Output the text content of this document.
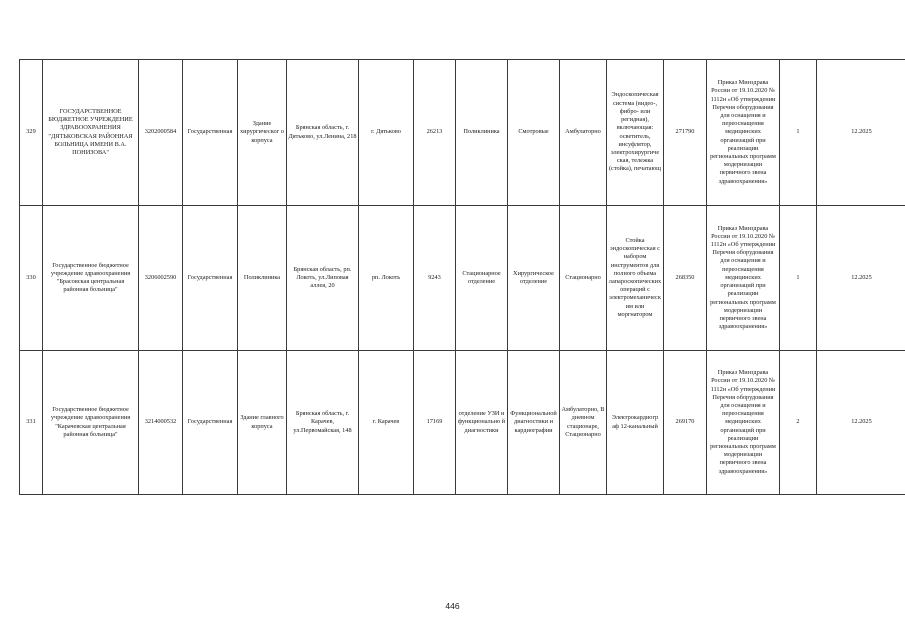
329	ГОСУДАРСТВЕННОЕ БЮДЖЕТНОЕ УЧРЕЖДЕНИЕ ЗДРАВООХРАНЕНИЯ "ДЯТЬКОВСКАЯ РАЙОННАЯ БОЛЬНИЦА ИМЕНИ В.А. ПОНИЗОВА"	3202000584	Государственная	Здание хирургическог о корпуса	Брянская область, г. Дятьково, ул.Ленина, 218	г. Дятьково	26213	Поликлиника	Смотровые	Амбулаторно	Эндоскопическая система (видео-, фибро- или регидная), включающая: осветитель, инсуфлятор, электрохирургиче ская, тележка (стойка), печатающ	271790	Приказ Минздрава России от 19.10.2020 № 1112н «Об утверждении Перечня оборудования для оснащения и переоснащения медицинских организаций при реализации региональных программ модернизации первичного звена здравоохранения»	1	12.2025
330	Государственное бюджетное учреждение здравоохранения "Брасовская центральная районная больница"	3206002590	Государственная	Поликлиника	Брянская область, рп. Локоть, ул.Липовая аллея, 20	рп. Локоть	9243	Стационарное отделение	Хирургическое отделение	Стационарно	Стойка эндоскопическая с набором инструментов для полного объема лапароскопических операций с электромеханическим или моргнатором	268350	Приказ Минздрава России от 19.10.2020 № 1112н «Об утверждении Перечня оборудования для оснащения и переоснащения медицинских организаций при реализации региональных программ модернизации первичного звена здравоохранения»	1	12.2025
331	Государственное бюджетное учреждение здравоохранения "Карачевская центральная районная больница"	3214000532	Государственная	Здание главного корпуса	Брянская область, г. Карачев, ул.Первомайская, 148	г. Карачев	17169	отделение УЗИ и функционально й диагностики	Функциональной диагностики и кардиографии	Амбулаторно, В дневном стационаре, Стационарно	Электрокардиогр аф 12-канальный	269170	Приказ Минздрава России от 19.10.2020 № 1112н «Об утверждении Перечня оборудования для оснащения и переоснащения медицинских организаций при реализации региональных программ модернизации первичного звена здравоохранения»	2	12.2025
446
